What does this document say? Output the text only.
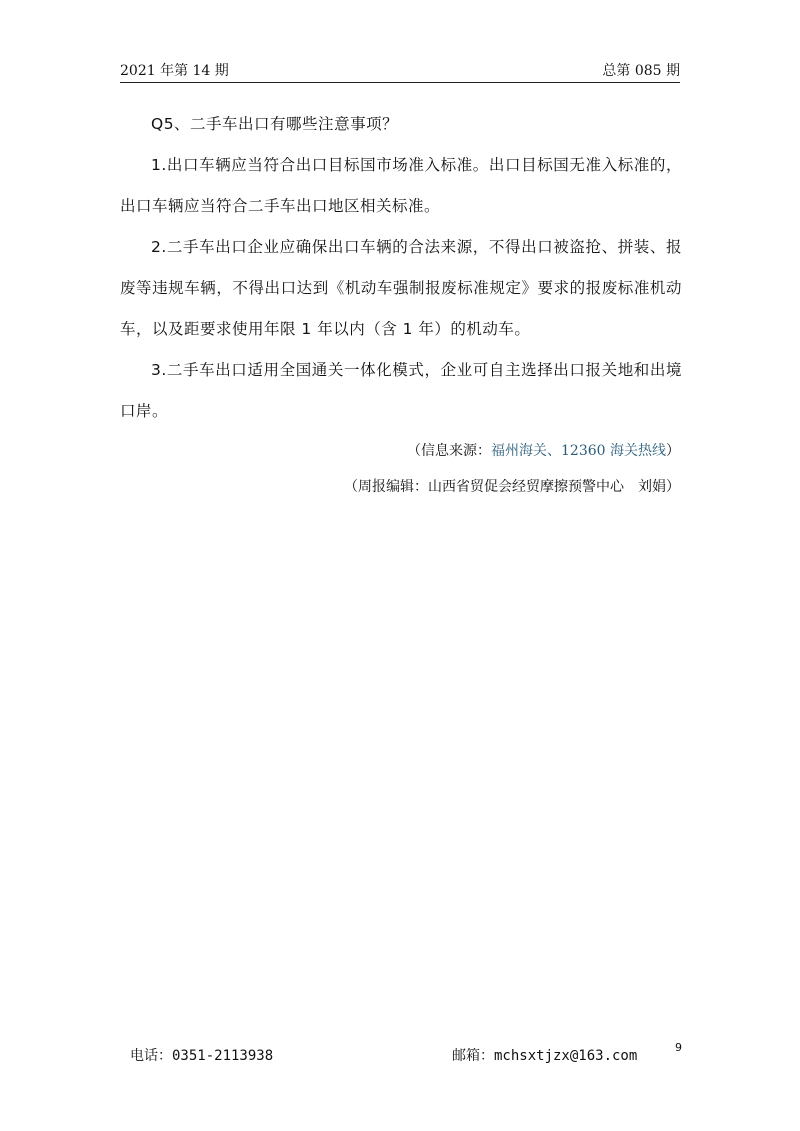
2021 年第 14 期	总第 085 期

Q5、二手车出口有哪些注意事项？

1.出口车辆应当符合出口目标国市场准入标准。出口目标国无准入标准的，出口车辆应当符合二手车出口地区相关标准。

2.二手车出口企业应确保出口车辆的合法来源，不得出口被盗抢、拼装、报废等违规车辆，不得出口达到《机动车强制报废标准规定》要求的报废标准机动车，以及距要求使用年限 1 年以内（含 1 年）的机动车。

3.二手车出口适用全国通关一体化模式，企业可自主选择出口报关地和出境口岸。

（信息来源：福州海关、12360 海关热线）
（周报编辑：山西省贸促会经贸摩擦预警中心　刘娟）
电话：0351-2113938	邮箱：mchsxtjzx@163.com
9
